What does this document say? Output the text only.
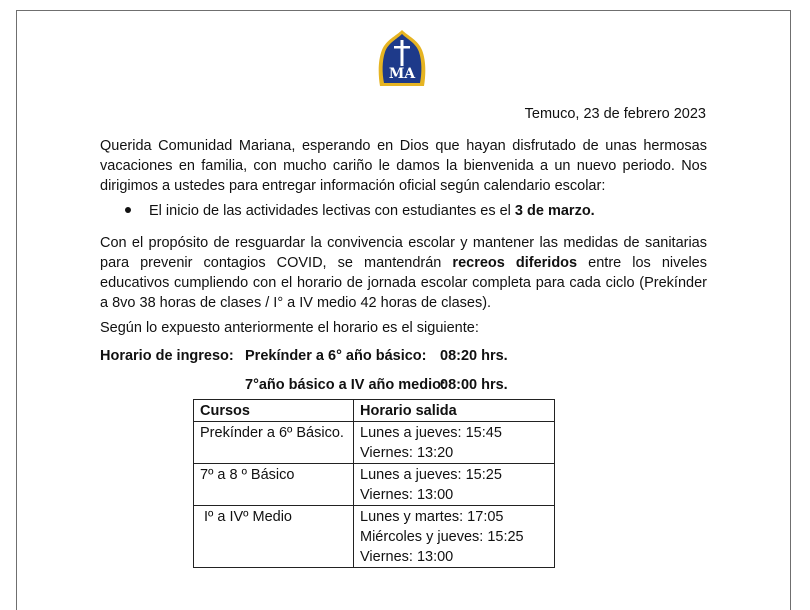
MA
Temuco, 23 de febrero 2023
Querida Comunidad Mariana, esperando en Dios que hayan disfrutado de unas hermosas vacaciones en familia, con mucho cariño le damos la bienvenida a un nuevo periodo. Nos dirigimos a ustedes para entregar información oficial según calendario escolar:
El inicio de las actividades lectivas con estudiantes es el 3 de marzo.
Con el propósito de resguardar la convivencia escolar y mantener las medidas de sanitarias para prevenir contagios COVID, se mantendrán recreos diferidos entre los niveles educativos cumpliendo con el horario de jornada escolar completa para cada ciclo (Prekínder a 8vo 38 horas de clases / I° a IV medio 42 horas de clases).
Según lo expuesto anteriormente el horario es el siguiente:
Horario de ingreso: Prekínder a 6° año básico: 08:20 hrs.
7°año básico a IV año medio:
08:00 hrs.
Cursos	Horario salida
Prekínder a 6º Básico.	Lunes a jueves: 15:45
Viernes: 13:20

7º a 8 º Básico	Lunes a jueves: 15:25
Viernes: 13:00

Iº a IVº Medio	Lunes y martes: 17:05
Miércoles y jueves: 15:25
Viernes: 13:00
